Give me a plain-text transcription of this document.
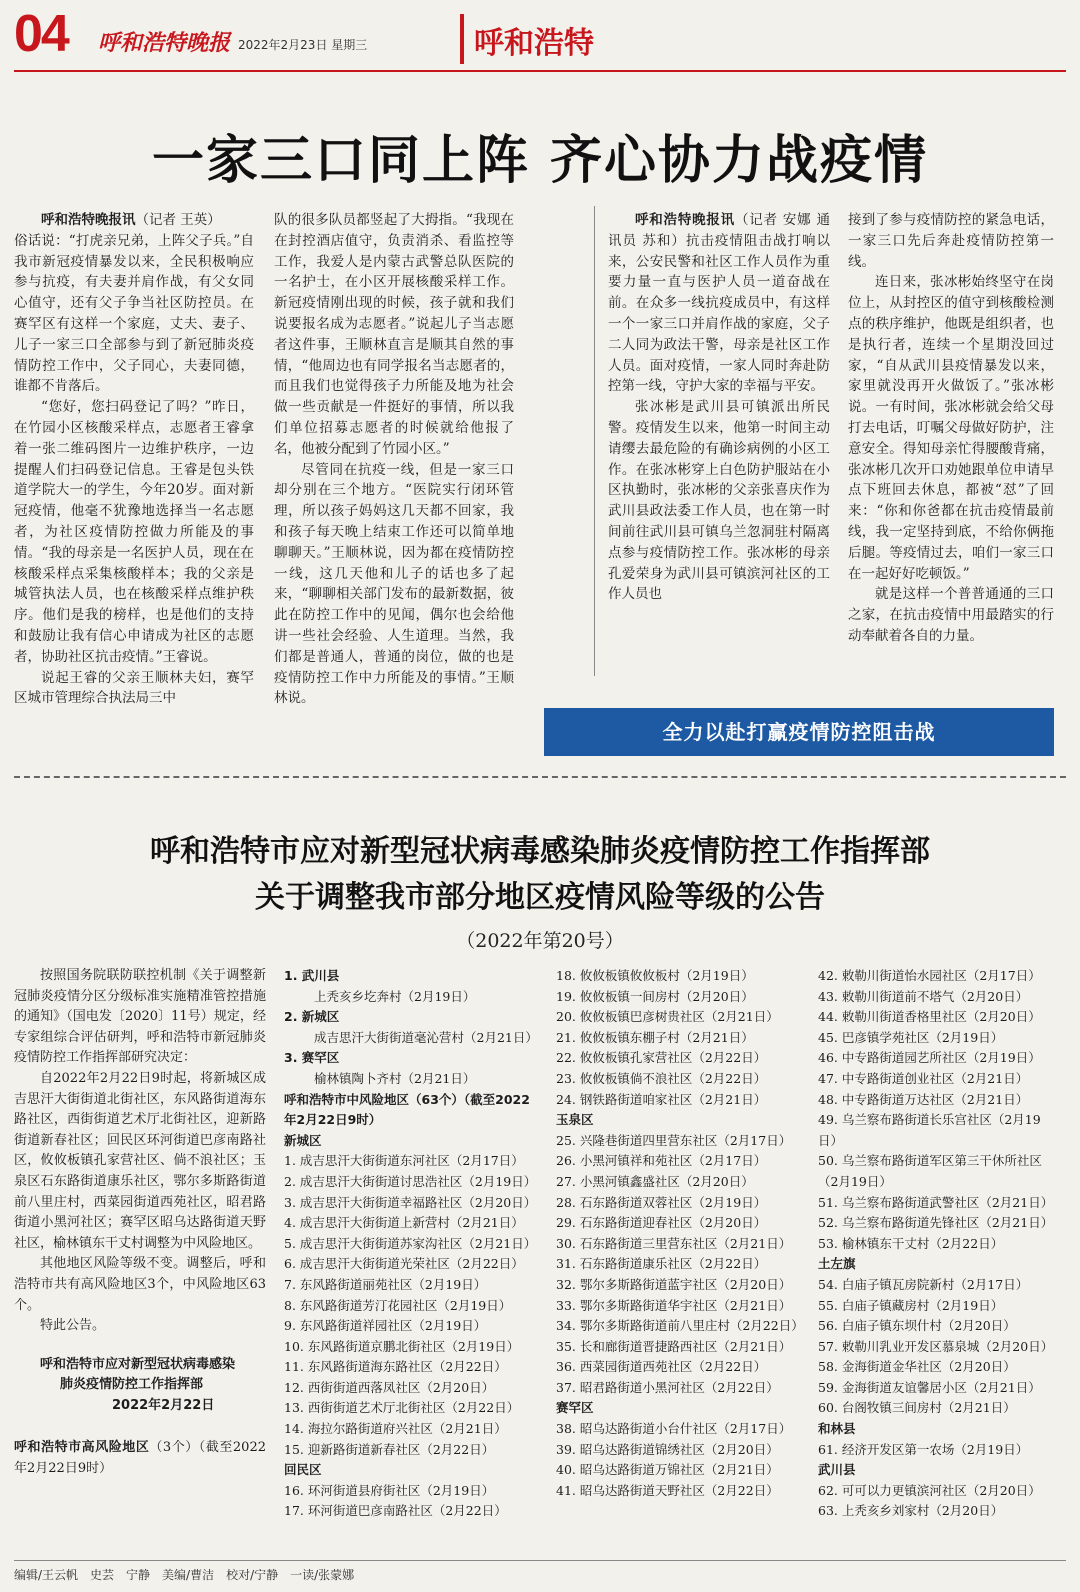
04 呼和浩特晚报 2022年2月23日 星期三	呼和浩特
一家三口同上阵 齐心协力战疫情

呼和浩特晚报讯（记者 王英）

俗话说：“打虎亲兄弟，上阵父子兵。”自我市新冠疫情暴发以来，全民积极响应参与抗疫，有夫妻并肩作战，有父女同心值守，还有父子争当社区防控员。在赛罕区有这样一个家庭，丈夫、妻子、儿子一家三口全部参与到了新冠肺炎疫情防控工作中，父子同心，夫妻同德，谁都不肯落后。

“您好，您扫码登记了吗？”昨日，在竹园小区核酸采样点，志愿者王睿拿着一张二维码图片一边维护秩序，一边提醒人们扫码登记信息。王睿是包头铁道学院大一的学生，今年20岁。面对新冠疫情，他毫不犹豫地选择当一名志愿者，为社区疫情防控做力所能及的事情。“我的母亲是一名医护人员，现在在核酸采样点采集核酸样本；我的父亲是城管执法人员，也在核酸采样点维护秩序。他们是我的榜样，也是他们的支持和鼓励让我有信心申请成为社区的志愿者，协助社区抗击疫情。”王睿说。

说起王睿的父亲王顺林夫妇，赛罕区城市管理综合执法局三中

队的很多队员都竖起了大拇指。“我现在在封控酒店值守，负责消杀、看监控等工作，我爱人是内蒙古武警总队医院的一名护士，在小区开展核酸采样工作。新冠疫情刚出现的时候，孩子就和我们说要报名成为志愿者。”说起儿子当志愿者这件事，王顺林直言是顺其自然的事情，“他周边也有同学报名当志愿者的，而且我们也觉得孩子力所能及地为社会做一些贡献是一件挺好的事情，所以我们单位招募志愿者的时候就给他报了名，他被分配到了竹园小区。”

尽管同在抗疫一线，但是一家三口却分别在三个地方。“医院实行闭环管理，所以孩子妈妈这几天都不回家，我和孩子每天晚上结束工作还可以简单地聊聊天。”王顺林说，因为都在疫情防控一线，这几天他和儿子的话也多了起来，“聊聊相关部门发布的最新数据，彼此在防控工作中的见闻，偶尔也会给他讲一些社会经验、人生道理。当然，我们都是普通人，普通的岗位，做的也是疫情防控工作中力所能及的事情。”王顺林说。

呼和浩特晚报讯（记者 安娜 通讯员 苏和）抗击疫情阻击战打响以来，公安民警和社区工作人员作为重要力量一直与医护人员一道奋战在前。在众多一线抗疫成员中，有这样一个一家三口并肩作战的家庭，父子二人同为政法干警，母亲是社区工作人员。面对疫情，一家人同时奔赴防控第一线，守护大家的幸福与平安。

张冰彬是武川县可镇派出所民警。疫情发生以来，他第一时间主动请缨去最危险的有确诊病例的小区工作。在张冰彬穿上白色防护服站在小区执勤时，张冰彬的父亲张喜庆作为武川县政法委工作人员，也在第一时间前往武川县可镇乌兰忽洞驻村隔离点参与疫情防控工作。张冰彬的母亲孔爱荣身为武川县可镇滨河社区的工作人员也

接到了参与疫情防控的紧急电话，一家三口先后奔赴疫情防控第一线。

连日来，张冰彬始终坚守在岗位上，从封控区的值守到核酸检测点的秩序维护，他既是组织者，也是执行者，连续一个星期没回过家，“自从武川县疫情暴发以来，家里就没再开火做饭了。”张冰彬说。一有时间，张冰彬就会给父母打去电话，叮嘱父母做好防护，注意安全。得知母亲忙得腰酸背痛，张冰彬几次开口劝她跟单位申请早点下班回去休息，都被“怼”了回来：“你和你爸都在抗击疫情最前线，我一定坚持到底，不给你俩拖后腿。等疫情过去，咱们一家三口在一起好好吃顿饭。”

就是这样一个普普通通的三口之家，在抗击疫情中用最踏实的行动奉献着各自的力量。

全力以赴打赢疫情防控阻击战
呼和浩特市应对新型冠状病毒感染肺炎疫情防控工作指挥部
关于调整我市部分地区疫情风险等级的公告
（2022年第20号）

按照国务院联防联控机制《关于调整新冠肺炎疫情分区分级标准实施精准管控措施的通知》（国电发〔2020〕11号）规定，经专家组综合评估研判，呼和浩特市新冠肺炎疫情防控工作指挥部研究决定：

自2022年2月22日9时起，将新城区成吉思汗大街街道北街社区，东风路街道海东路社区，西街街道艺术厅北街社区，迎新路街道新春社区；回民区环河街道巴彦南路社区，攸攸板镇孔家营社区、倘不浪社区；玉泉区石东路街道康乐社区，鄂尔多斯路街道前八里庄村，西菜园街道西苑社区，昭君路街道小黑河社区；赛罕区昭乌达路街道天野社区，榆林镇东干丈村调整为中风险地区。

其他地区风险等级不变。调整后，呼和浩特市共有高风险地区3个，中风险地区63个。

特此公告。

呼和浩特市应对新型冠状病毒感染

肺炎疫情防控工作指挥部

2022年2月22日

呼和浩特市高风险地区（3个）（截至2022年2月22日9时）

1. 武川县
上秃亥乡圪奔村（2月19日）
2. 新城区
成吉思汗大街街道毫沁营村（2月21日）
3. 赛罕区
榆林镇陶卜齐村（2月21日）
呼和浩特市中风险地区（63个）（截至2022年2月22日9时）
新城区
1. 成吉思汗大街街道东河社区（2月17日）
2. 成吉思汗大街街道讨思浩社区（2月19日）
3. 成吉思汗大街街道幸福路社区（2月20日）
4. 成吉思汗大街街道上新营村（2月21日）
5. 成吉思汗大街街道苏家沟社区（2月21日）
6. 成吉思汗大街街道光荣社区（2月22日）
7. 东风路街道丽苑社区（2月19日）
8. 东风路街道芳汀花园社区（2月19日）
9. 东风路街道祥园社区（2月19日）
10. 东风路街道京鹏北街社区（2月19日）
11. 东风路街道海东路社区（2月22日）
12. 西街街道西落凤社区（2月20日）
13. 西街街道艺术厅北街社区（2月22日）
14. 海拉尔路街道府兴社区（2月21日）
15. 迎新路街道新春社区（2月22日）
回民区
16. 环河街道县府街社区（2月19日）
17. 环河街道巴彦南路社区（2月22日）
18. 攸攸板镇攸攸板村（2月19日）
19. 攸攸板镇一间房村（2月20日）
20. 攸攸板镇巴彦树贵社区（2月21日）
21. 攸攸板镇东棚子村（2月21日）
22. 攸攸板镇孔家营社区（2月22日）
23. 攸攸板镇倘不浪社区（2月22日）
24. 钢铁路街道咱家社区（2月21日）
玉泉区
25. 兴隆巷街道四里营东社区（2月17日）
26. 小黑河镇祥和苑社区（2月17日）
27. 小黑河镇鑫盛社区（2月20日）
28. 石东路街道双蓉社区（2月19日）
29. 石东路街道迎春社区（2月20日）
30. 石东路街道三里营东社区（2月21日）
31. 石东路街道康乐社区（2月22日）
32. 鄂尔多斯路街道蓝宇社区（2月20日）
33. 鄂尔多斯路街道华宇社区（2月21日）
34. 鄂尔多斯路街道前八里庄村（2月22日）
35. 长和廊街道晋捷路西社区（2月21日）
36. 西菜园街道西苑社区（2月22日）
37. 昭君路街道小黑河社区（2月22日）
赛罕区
38. 昭乌达路街道小台什社区（2月17日）
39. 昭乌达路街道锦绣社区（2月20日）
40. 昭乌达路街道万锦社区（2月21日）
41. 昭乌达路街道天野社区（2月22日）
42. 敕勒川街道怡水园社区（2月17日）
43. 敕勒川街道前不塔气（2月20日）
44. 敕勒川街道香格里社区（2月20日）
45. 巴彦镇学苑社区（2月19日）
46. 中专路街道园艺所社区（2月19日）
47. 中专路街道创业社区（2月21日）
48. 中专路街道万达社区（2月21日）
49. 乌兰察布路街道长乐宫社区（2月19日）
50. 乌兰察布路街道军区第三干休所社区（2月19日）
51. 乌兰察布路街道武警社区（2月21日）
52. 乌兰察布路街道先锋社区（2月21日）
53. 榆林镇东干丈村（2月22日）
土左旗
54. 白庙子镇瓦房院新村（2月17日）
55. 白庙子镇藏房村（2月19日）
56. 白庙子镇东坝什村（2月20日）
57. 敕勒川乳业开发区慕泉城（2月20日）
58. 金海街道金华社区（2月20日）
59. 金海街道友谊馨居小区（2月21日）
60. 台阁牧镇三间房村（2月21日）
和林县
61. 经济开发区第一农场（2月19日）
武川县
62. 可可以力更镇滨河社区（2月20日）
63. 上秃亥乡刘家村（2月20日）
编辑/王云帆　史芸　宁静　美编/曹洁　校对/宁静　一读/张蒙娜
